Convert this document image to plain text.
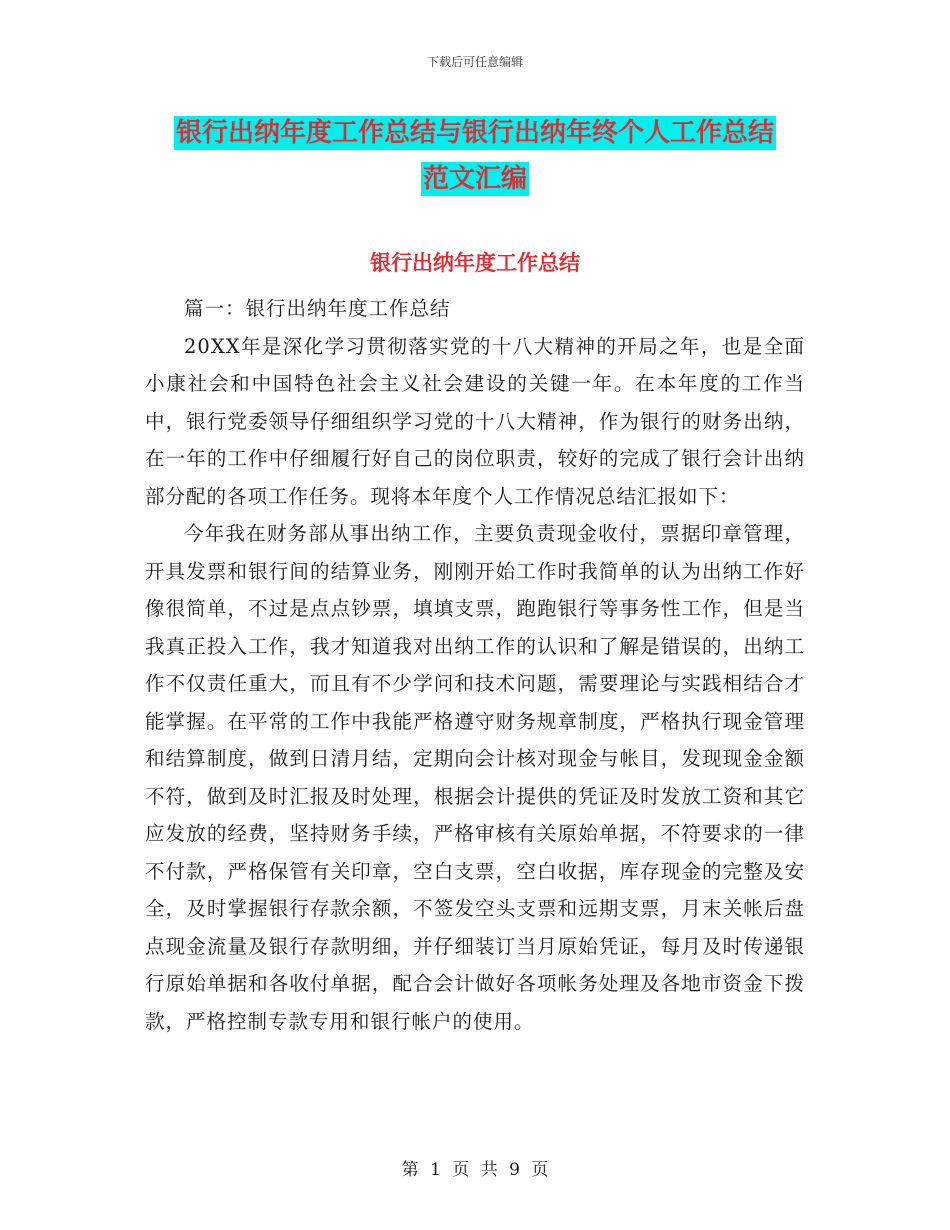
下载后可任意编辑
银行出纳年度工作总结与银行出纳年终个人工作总结
范文汇编
银行出纳年度工作总结

篇一：银行出纳年度工作总结

20XX年是深化学习贯彻落实党的十八大精神的开局之年，也是全面小康社会和中国特色社会主义社会建设的关键一年。在本年度的工作当中，银行党委领导仔细组织学习党的十八大精神，作为银行的财务出纳，在一年的工作中仔细履行好自己的岗位职责，较好的完成了银行会计出纳部分配的各项工作任务。现将本年度个人工作情况总结汇报如下：

今年我在财务部从事出纳工作，主要负责现金收付，票据印章管理，开具发票和银行间的结算业务，刚刚开始工作时我简单的认为出纳工作好像很简单，不过是点点钞票，填填支票，跑跑银行等事务性工作，但是当我真正投入工作，我才知道我对出纳工作的认识和了解是错误的，出纳工作不仅责任重大，而且有不少学问和技术问题，需要理论与实践相结合才能掌握。在平常的工作中我能严格遵守财务规章制度，严格执行现金管理和结算制度，做到日清月结，定期向会计核对现金与帐目，发现现金金额不符，做到及时汇报及时处理，根据会计提供的凭证及时发放工资和其它应发放的经费，坚持财务手续，严格审核有关原始单据，不符要求的一律不付款，严格保管有关印章，空白支票，空白收据，库存现金的完整及安全，及时掌握银行存款余额，不签发空头支票和远期支票，月末关帐后盘点现金流量及银行存款明细，并仔细装订当月原始凭证，每月及时传递银行原始单据和各收付单据，配合会计做好各项帐务处理及各地市资金下拨款，严格控制专款专用和银行帐户的使用。

第 1 页 共 9 页
